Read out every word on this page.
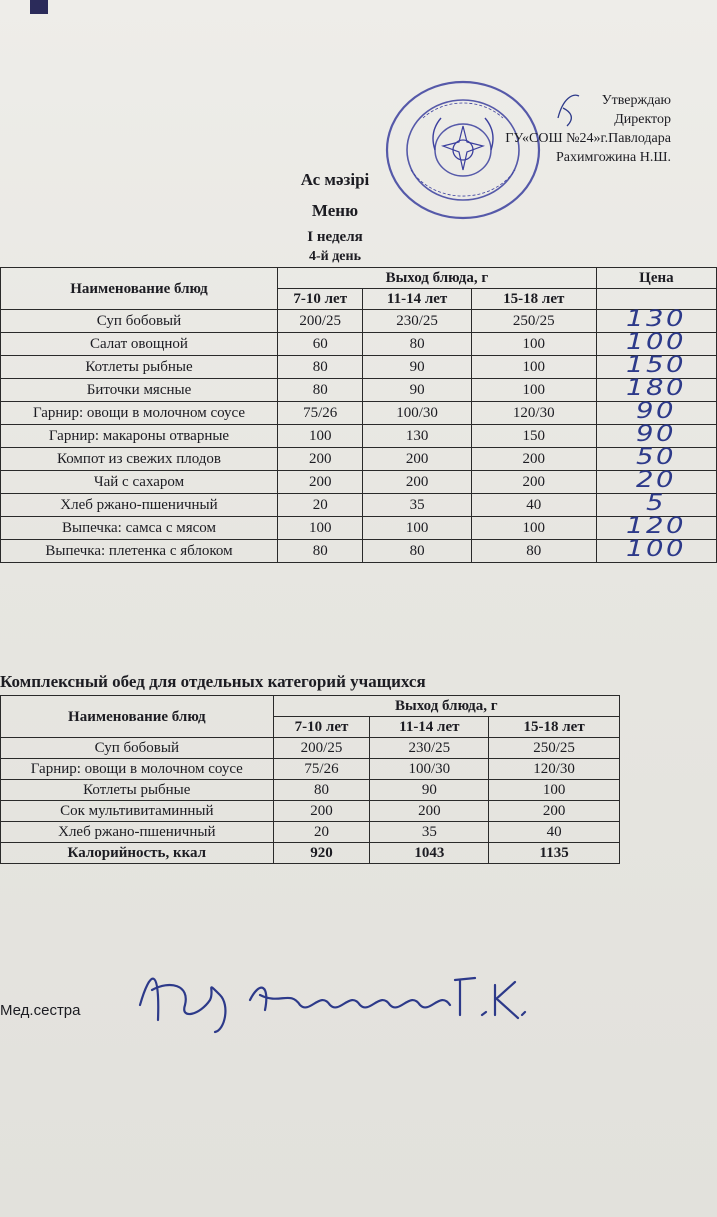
Утверждаю
Директор
ГУ«СОШ №24»г.Павлодара
Рахимгожина Н.Ш.
Ас мәзірі
Меню
I неделя
4-й день
Наименование блюд	Выход блюда, г			Цена
	7-10 лет	11-14 лет	15-18 лет	
Суп бобовый	200/25	230/25	250/25	130
Салат овощной	60	80	100	100
Котлеты рыбные	80	90	100	150
Биточки мясные	80	90	100	180
Гарнир: овощи в молочном соусе	75/26	100/30	120/30	90
Гарнир: макароны отварные	100	130	150	90
Компот из свежих плодов	200	200	200	50
Чай с сахаром	200	200	200	20
Хлеб ржано-пшеничный	20	35	40	5
Выпечка: самса с мясом	100	100	100	120
Выпечка: плетенка с яблоком	80	80	80	100
Комплексный обед для отдельных категорий учащихся
Наименование блюд	Выход блюда, г		
	7-10 лет	11-14 лет	15-18 лет
Суп бобовый	200/25	230/25	250/25
Гарнир: овощи в молочном соусе	75/26	100/30	120/30
Котлеты рыбные	80	90	100
Сок мультивитаминный	200	200	200
Хлеб ржано-пшеничный	20	35	40
Калорийность, ккал	920	1043	1135
Мед.сестра
